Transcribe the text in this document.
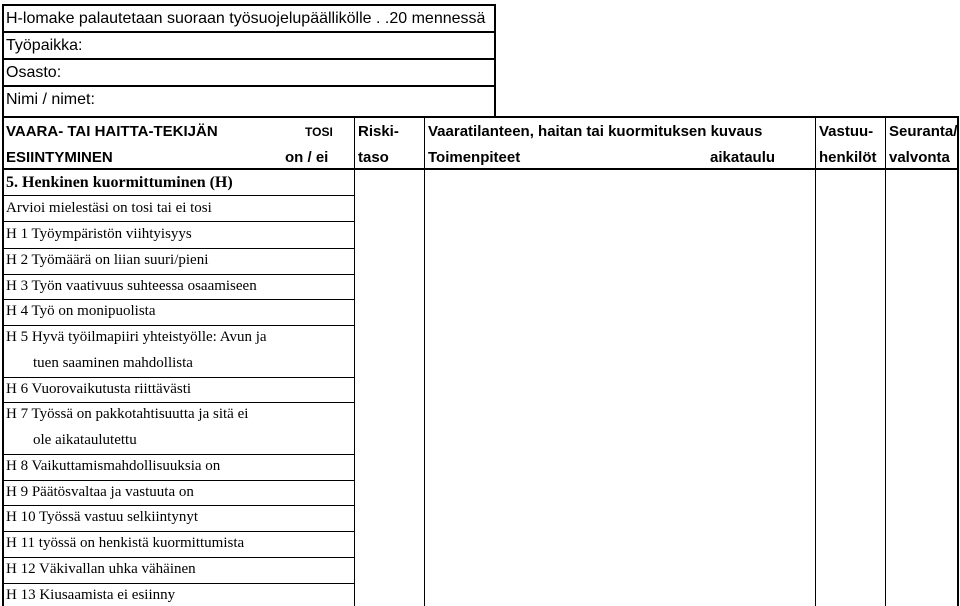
H-lomake palautetaan suoraan työsuojelupäällikölle . .20 mennessä
Työpaikka:
Osasto:
Nimi / nimet:
VAARA- TAI HAITTA-TEKIJÄN
ESIINTYMINEN
TOSI
on / ei
Riski-
taso
Vaaratilanteen, haitan tai kuormituksen kuvaus
Toimenpiteet	aikataulu
Vastuu-
henkilöt
Seuranta/
valvonta
5. Henkinen kuormittuminen (H)
Arvioi mielestäsi on tosi tai ei tosi
H 1 Työympäristön viihtyisyys
H 2 Työmäärä on liian suuri/pieni
H 3 Työn vaativuus suhteessa osaamiseen
H 4 Työ on monipuolista
H 5 Hyvä työilmapiiri yhteistyölle: Avun ja
tuen saaminen mahdollista
H 6 Vuorovaikutusta riittävästi
H 7 Työssä on pakkotahtisuutta ja sitä ei
ole aikataulutettu
H 8 Vaikuttamismahdollisuuksia on
H 9 Päätösvaltaa ja vastuuta on
H 10 Työssä vastuu selkiintynyt
H 11 työssä on henkistä kuormittumista
H 12 Väkivallan uhka vähäinen
H 13 Kiusaamista ei esiinny
